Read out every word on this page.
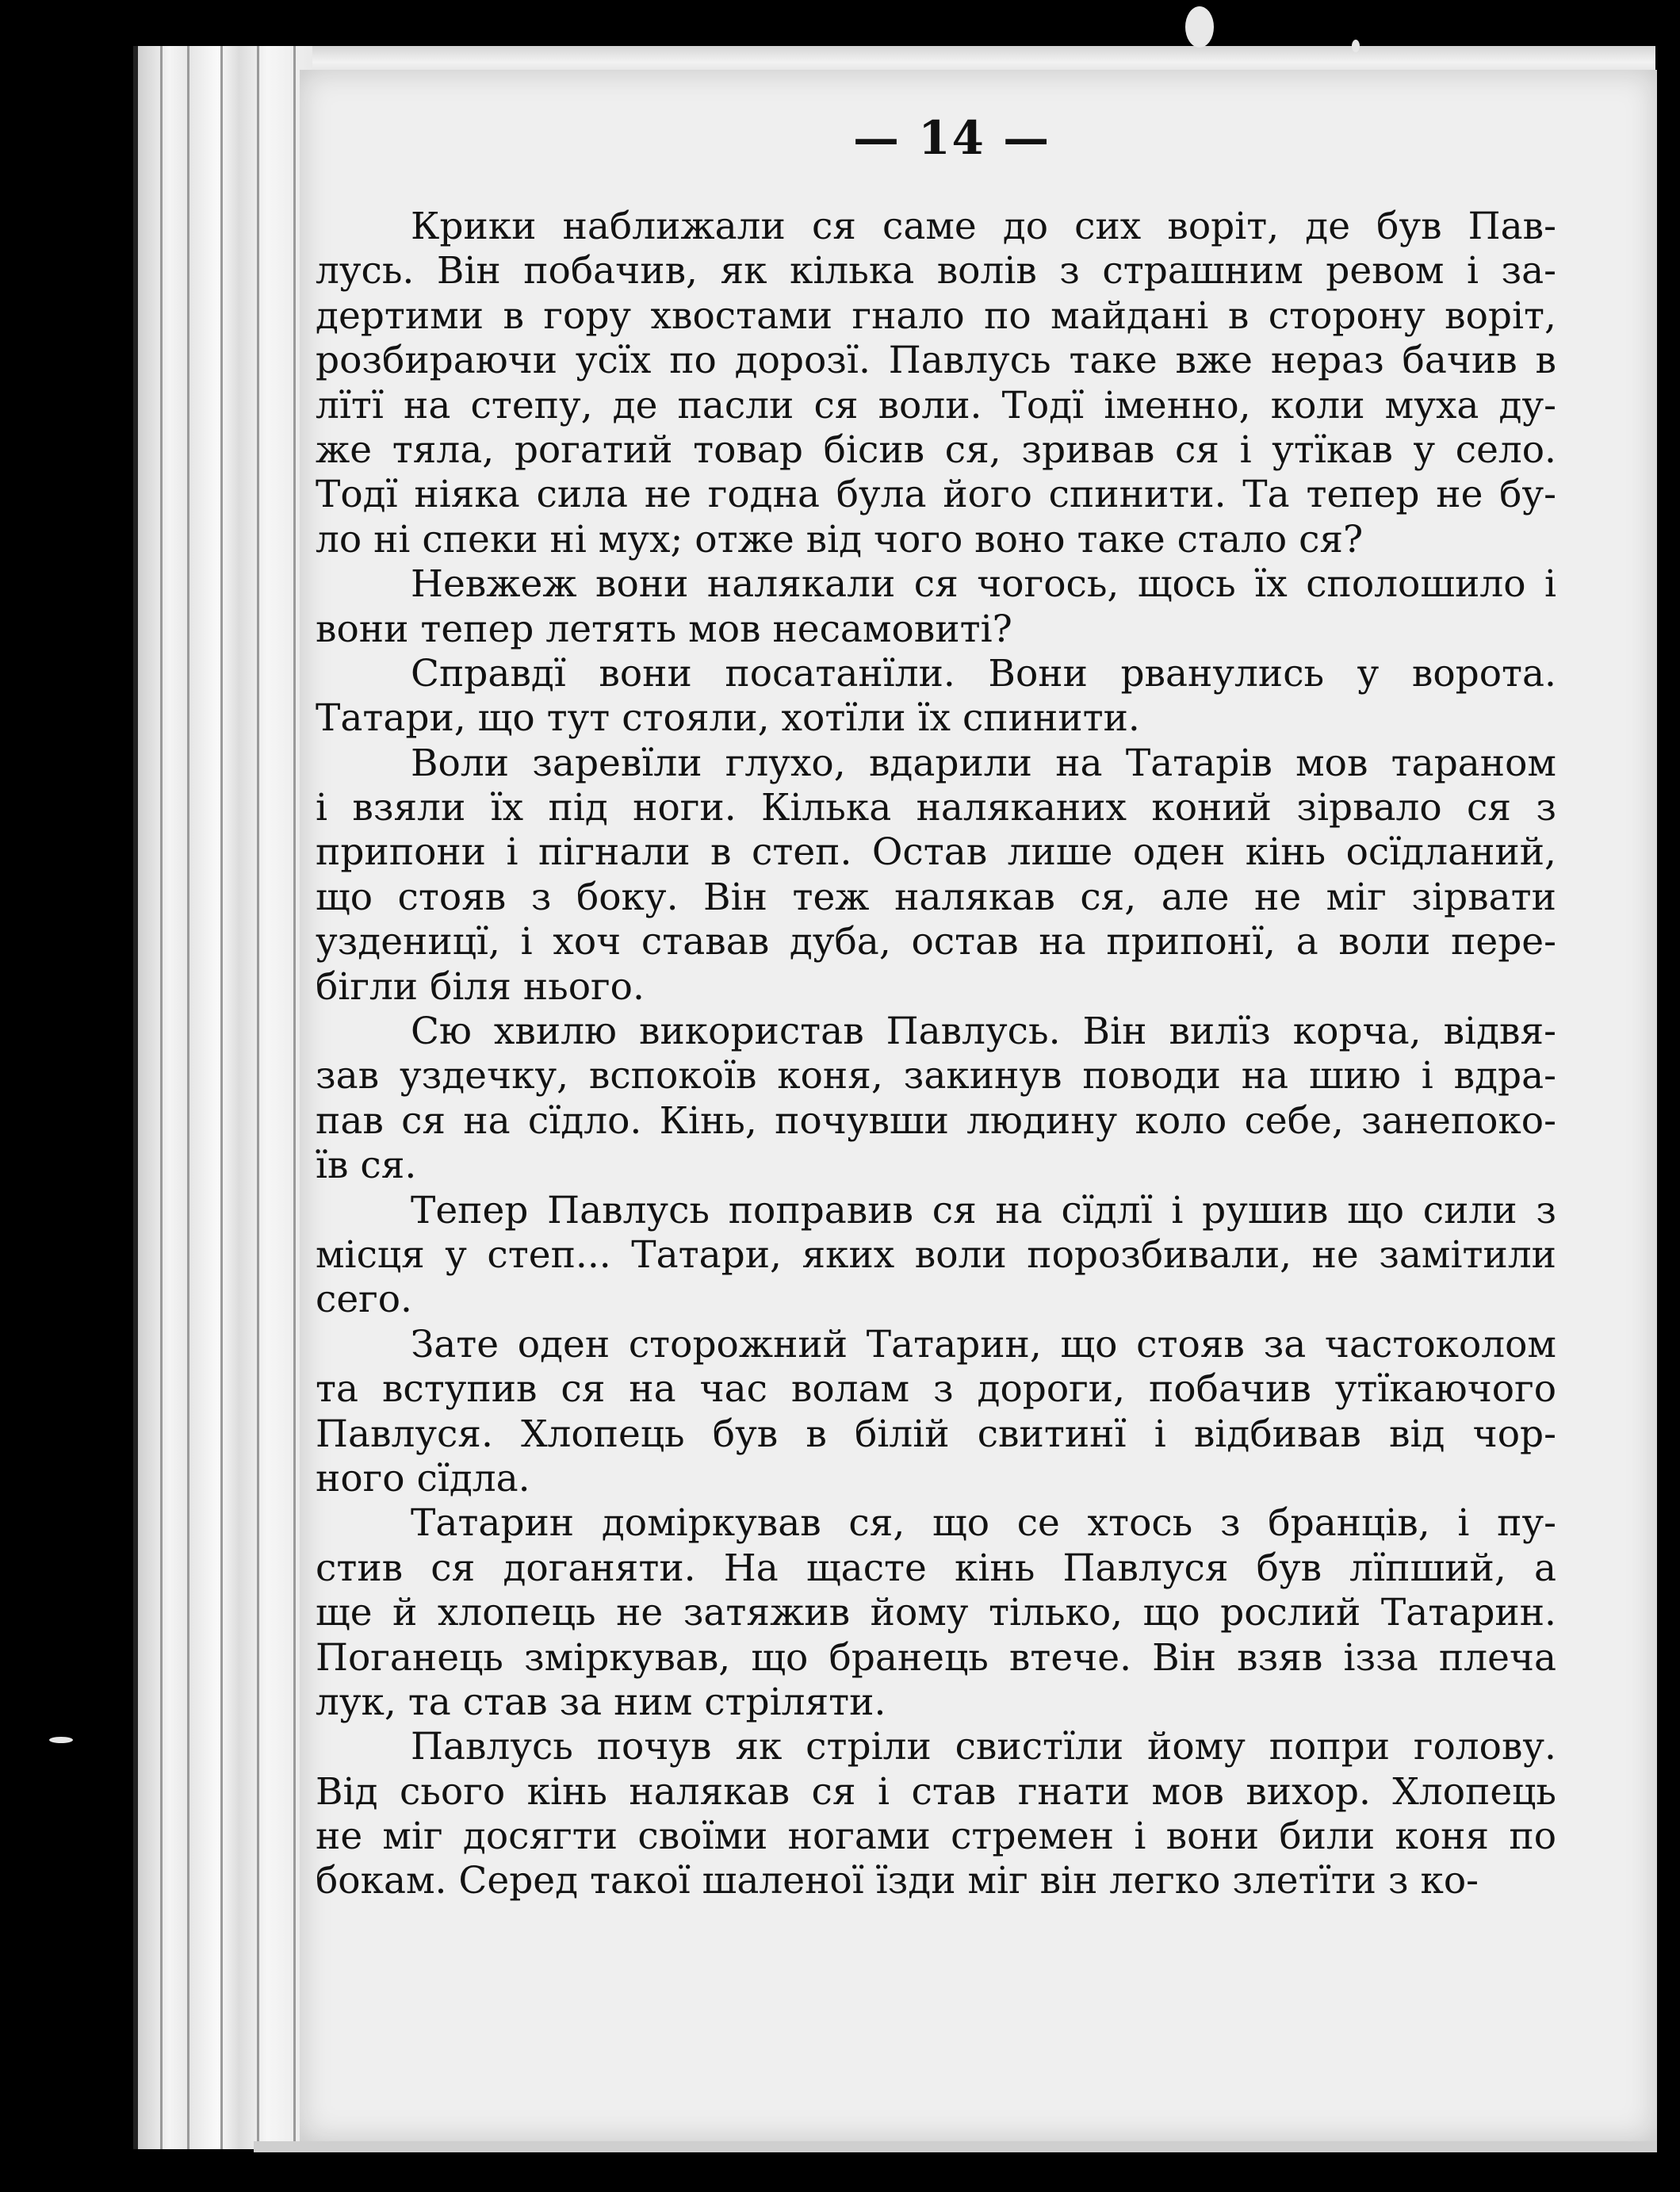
— 14 —
Крики наближали ся саме до сих воріт, де був Пав-
лусь. Він побачив, як кілька волів з страшним ревом і за-
дертими в гору хвостами гнало по майдані в сторону воріт,
розбираючи усїх по дорозї. Павлусь таке вже нераз бачив в
лїтї на степу, де пасли ся воли. Тодї іменно, коли муха ду-
же тяла, рогатий товар бісив ся, зривав ся і утїкав у село.
Тодї ніяка сила не годна була його спинити. Та тепер не бу-
ло ні спеки ні мух; отже від чого воно таке стало ся?
Невжеж вони налякали ся чогось, щось їх сполошило і
вони тепер летять мов несамовиті?
Справдї вони посатанїли. Вони рванулись у ворота.
Татари, що тут стояли, хотїли їх спинити.
Воли заревїли глухо, вдарили на Татарів мов тараном
і взяли їх під ноги. Кілька наляканих коний зірвало ся з
припони і пігнали в степ. Остав лише оден кінь осїдланий,
що стояв з боку. Він теж налякав ся, але не міг зірвати
узденицї, і хоч ставав дуба, остав на припонї, а воли пере-
бігли біля нього.
Сю хвилю використав Павлусь. Він вилїз корча, відвя-
зав уздечку, вспокоїв коня, закинув поводи на шию і вдра-
пав ся на сїдло. Кінь, почувши людину коло себе, занепоко-
їв ся.
Тепер Павлусь поправив ся на сїдлї і рушив що сили з
місця у степ... Татари, яких воли порозбивали, не замітили
сего.
Зате оден сторожний Татарин, що стояв за частоколом
та вступив ся на час волам з дороги, побачив утїкаючого
Павлуся. Хлопець був в білій свитинї і відбивав від чор-
ного сїдла.
Татарин доміркував ся, що се хтось з бранців, і пу-
стив ся доганяти. На щасте кінь Павлуся був лїпший, а
ще й хлопець не затяжив йому тілько, що рослий Татарин.
Поганець зміркував, що бранець втече. Він взяв ізза плеча
лук, та став за ним стріляти.
Павлусь почув як стріли свистїли йому попри голову.
Від сього кінь налякав ся і став гнати мов вихор. Хлопець
не міг досягти своїми ногами стремен і вони били коня по
бокам. Серед такої шаленої їзди міг він легко злетїти з ко-
